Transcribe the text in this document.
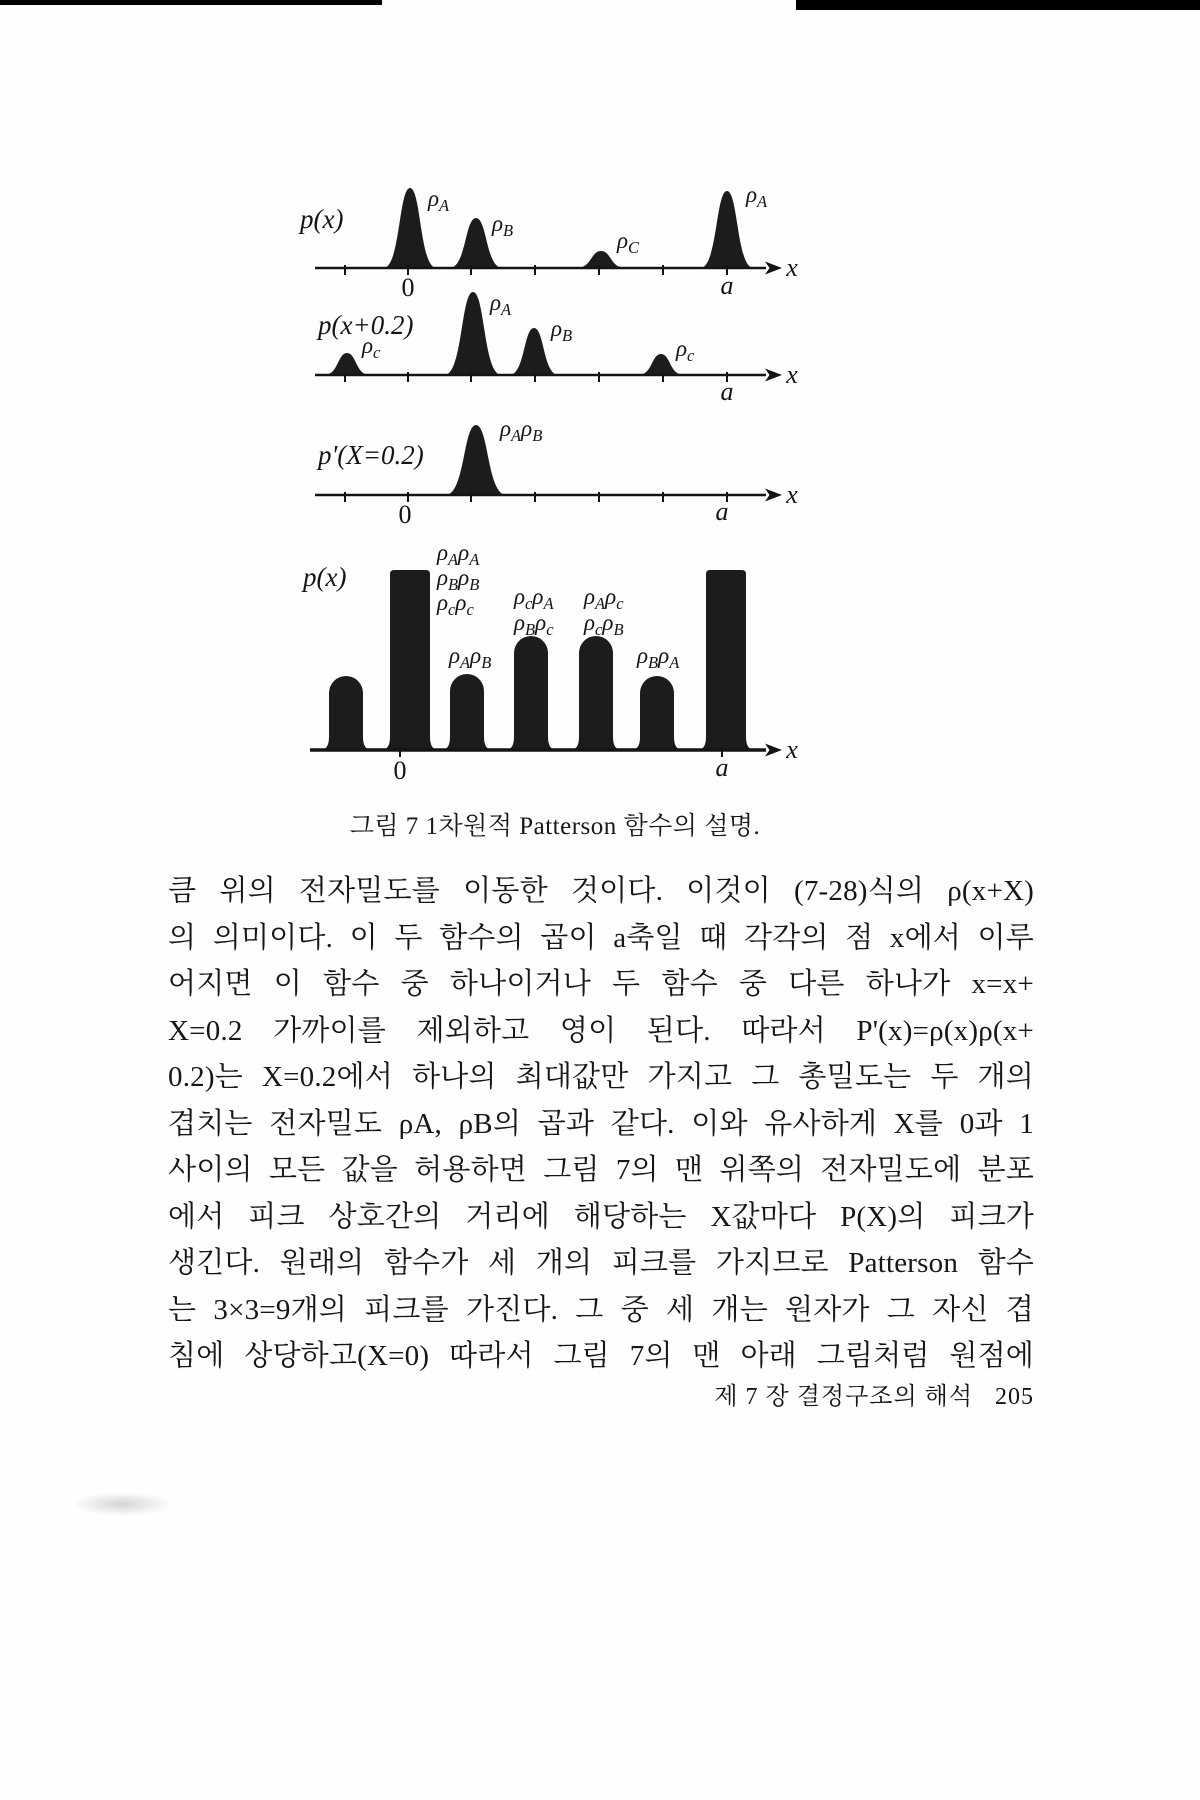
p(x)
$\rho_A$
$\rho_B$	$\rho_C$
$\rho_A$
0	a
x
p(x+0.2)
$\rho_c$
$\rho_A$
$\rho_B$
$\rho_c$
a
x
p'(X=0.2)
$\rho_A\rho_B$
0	a
x
p(x)
$\rho_A\rho_A$
$\rho_B\rho_B$
$\rho_c\rho_c$
$\rho_c\rho_A$
$\rho_B\rho_c$
$\rho_A\rho_c$
$\rho_c\rho_B$
$\rho_A\rho_B$	$\rho_B\rho_A$
0	a
x
그림 7 1차원적 Patterson 함수의 설명.
큼 위의 전자밀도를 이동한 것이다. 이것이 (7-28)식의 ρ(x+X)
의 의미이다. 이 두 함수의 곱이 a축일 때 각각의 점 x에서 이루
어지면 이 함수 중 하나이거나 두 함수 중 다른 하나가 x=x+
X=0.2 가까이를 제외하고 영이 된다. 따라서 P'(x)=ρ(x)ρ(x+
0.2)는 X=0.2에서 하나의 최대값만 가지고 그 총밀도는 두 개의
겹치는 전자밀도 ρA, ρB의 곱과 같다. 이와 유사하게 X를 0과 1
사이의 모든 값을 허용하면 그림 7의 맨 위쪽의 전자밀도에 분포
에서 피크 상호간의 거리에 해당하는 X값마다 P(X)의 피크가
생긴다. 원래의 함수가 세 개의 피크를 가지므로 Patterson 함수
는 3×3=9개의 피크를 가진다. 그 중 세 개는 원자가 그 자신 겹
침에 상당하고(X=0) 따라서 그림 7의 맨 아래 그림처럼 원점에
제 7 장 결정구조의 해석 205
